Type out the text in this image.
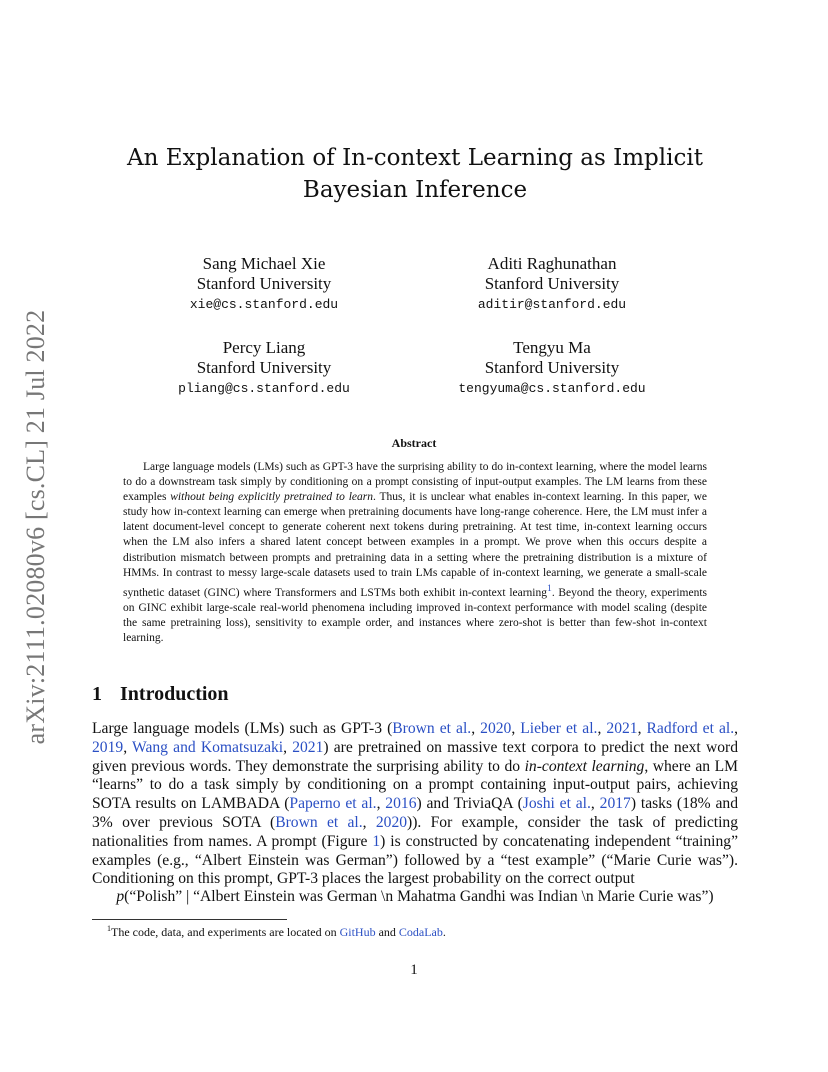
arXiv:2111.02080v6 [cs.CL] 21 Jul 2022
An Explanation of In-context Learning as Implicit
Bayesian Inference
Sang Michael Xie
Stanford University
xie@cs.stanford.edu
Aditi Raghunathan
Stanford University
aditir@stanford.edu
Percy Liang
Stanford University
pliang@cs.stanford.edu
Tengyu Ma
Stanford University
tengyuma@cs.stanford.edu
Abstract
Large language models (LMs) such as GPT-3 have the surprising ability to do in-context learning, where the model learns to do a downstream task simply by conditioning on a prompt consisting of input-output examples. The LM learns from these examples without being explicitly pretrained to learn. Thus, it is unclear what enables in-context learning. In this paper, we study how in-context learning can emerge when pretraining documents have long-range coherence. Here, the LM must infer a latent document-level concept to generate coherent next tokens during pretraining. At test time, in-context learning occurs when the LM also infers a shared latent concept between examples in a prompt. We prove when this occurs despite a distribution mismatch between prompts and pretraining data in a setting where the pretraining distribution is a mixture of HMMs. In contrast to messy large-scale datasets used to train LMs capable of in-context learning, we generate a small-scale synthetic dataset (GINC) where Transformers and LSTMs both exhibit in-context learning$^1$. Beyond the theory, experiments on GINC exhibit large-scale real-world phenomena including improved in-context performance with model scaling (despite the same pretraining loss), sensitivity to example order, and instances where zero-shot is better than few-shot in-context learning.
1 Introduction
Large language models (LMs) such as GPT-3 (Brown et al., 2020, Lieber et al., 2021, Radford et al., 2019, Wang and Komatsuzaki, 2021) are pretrained on massive text corpora to predict the next word given previous words. They demonstrate the surprising ability to do in-context learning, where an LM “learns” to do a task simply by conditioning on a prompt containing input-output pairs, achieving SOTA results on LAMBADA (Paperno et al., 2016) and TriviaQA (Joshi et al., 2017) tasks (18% and 3% over previous SOTA (Brown et al., 2020)). For example, consider the task of predicting nationalities from names. A prompt (Figure 1) is constructed by concatenating independent “training” examples (e.g., “Albert Einstein was German”) followed by a “test example” (“Marie Curie was”). Conditioning on this prompt, GPT-3 places the largest probability on the correct output
p(“Polish” | “Albert Einstein was German \n Mahatma Gandhi was Indian \n Marie Curie was”)
$^1$The code, data, and experiments are located on GitHub and CodaLab.
1
